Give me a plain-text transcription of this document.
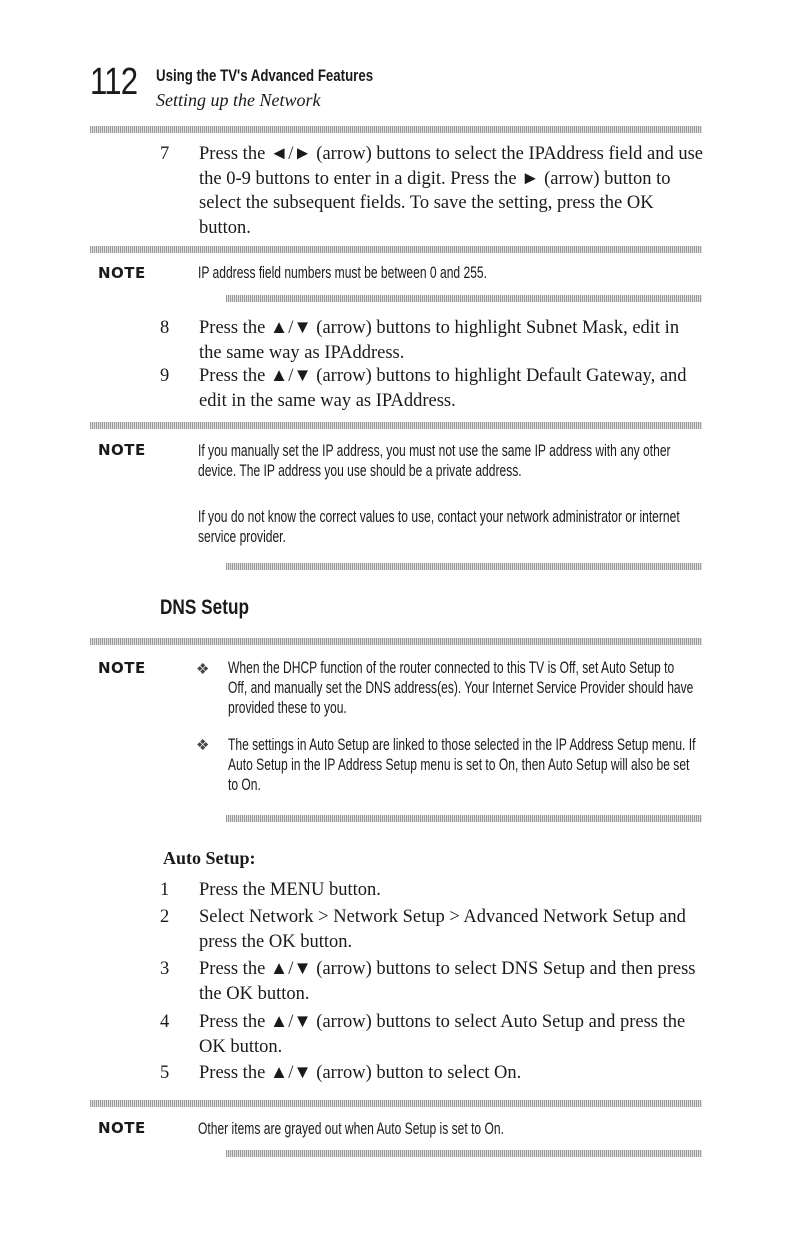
112 Using the TV's Advanced Features
Setting up the Network
7	Press the ◄/► (arrow) buttons to select the IPAddress field and use the 0-9 buttons to enter in a digit. Press the ► (arrow) button to select the subsequent fields. To save the setting, press the OK button.
NOTE	IP address field numbers must be between 0 and 255.
8	Press the ▲/▼ (arrow) buttons to highlight Subnet Mask, edit in the same way as IPAddress.
9	Press the ▲/▼ (arrow) buttons to highlight Default Gateway, and edit in the same way as IPAddress.
NOTE	If you manually set the IP address, you must not use the same IP address with any other device. The IP address you use should be a private address.
If you do not know the correct values to use, contact your network administrator or internet service provider.
DNS Setup
NOTE	❖ When the DHCP function of the router connected to this TV is Off, set Auto Setup to Off, and manually set the DNS address(es). Your Internet Service Provider should have provided these to you.
❖ The settings in Auto Setup are linked to those selected in the IP Address Setup menu. If Auto Setup in the IP Address Setup menu is set to On, then Auto Setup will also be set to On.
Auto Setup:
1	Press the MENU button.
2	Select Network > Network Setup > Advanced Network Setup and press the OK button.
3	Press the ▲/▼ (arrow) buttons to select DNS Setup and then press the OK button.
4	Press the ▲/▼ (arrow) buttons to select Auto Setup and press the OK button.
5	Press the ▲/▼ (arrow) button to select On.
NOTE	Other items are grayed out when Auto Setup is set to On.
